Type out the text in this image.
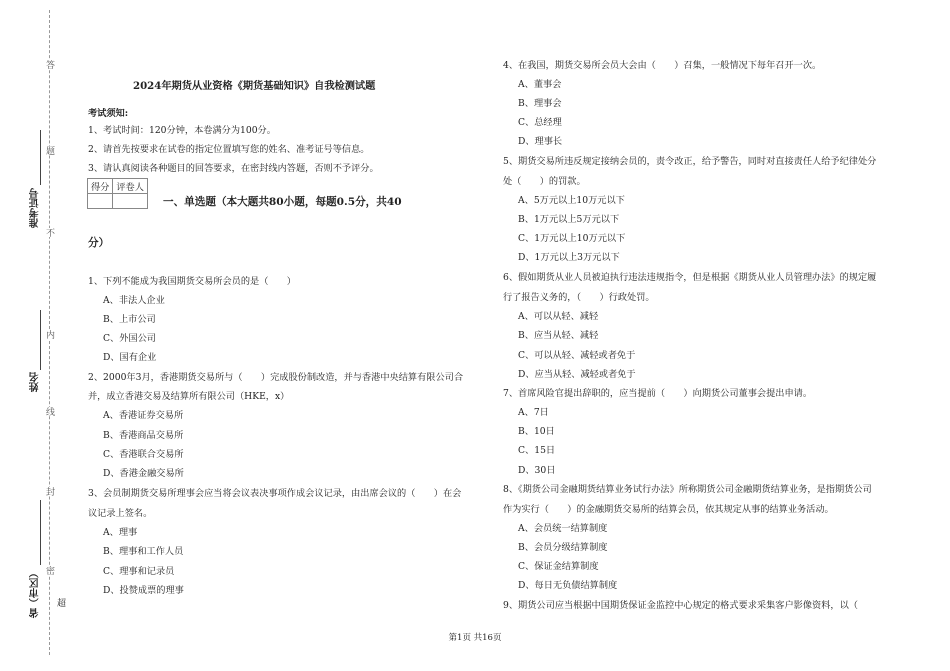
答
题
不
内
线
封
密
准考证号
姓名
省（市区） 超
2024年期货从业资格《期货基础知识》自我检测试题
考试须知:
1、考试时间：120分钟，本卷满分为100分。
2、请首先按要求在试卷的指定位置填写您的姓名、准考证号等信息。
3、请认真阅读各种题目的回答要求，在密封线内答题，否则不予评分。
得分	评卷人

一、单选题（本大题共80小题，每题0.5分，共40
分）
1、下列不能成为我国期货交易所会员的是（　　）
A、非法人企业
B、上市公司
C、外国公司
D、国有企业
2、2000年3月，香港期货交易所与（　　）完成股份制改造，并与香港中央结算有限公司合
并，成立香港交易及结算所有限公司（HKE，x）
A、香港证券交易所
B、香港商品交易所
C、香港联合交易所
D、香港金融交易所
3、会员制期货交易所理事会应当将会议表决事项作成会议记录，由出席会议的（　　）在会
议记录上签名。
A、理事
B、理事和工作人员
C、理事和记录员
D、投赞成票的理事
4、在我国，期货交易所会员大会由（　　）召集，一般情况下每年召开一次。
A、董事会
B、理事会
C、总经理
D、理事长
5、期货交易所违反规定接纳会员的，责令改正，给予警告，同时对直接责任人给予纪律处分
处（　　）的罚款。
A、5万元以上10万元以下
B、1万元以上5万元以下
C、1万元以上10万元以下
D、1万元以上3万元以下
6、假如期货从业人员被迫执行违法违规指令，但是根据《期货从业人员管理办法》的规定履
行了报告义务的，（　　）行政处罚。
A、可以从轻、减轻
B、应当从轻、减轻
C、可以从轻、减轻或者免于
D、应当从轻、减轻或者免于
7、首席风险官提出辞职的，应当提前（　　）向期货公司董事会提出申请。
A、7日
B、10日
C、15日
D、30日
8、《期货公司金融期货结算业务试行办法》所称期货公司金融期货结算业务，是指期货公司
作为实行（　　）的金融期货交易所的结算会员，依其规定从事的结算业务活动。
A、会员统一结算制度
B、会员分级结算制度
C、保证金结算制度
D、每日无负债结算制度
9、期货公司应当根据中国期货保证金监控中心规定的格式要求采集客户影像资料，以（
第1页 共16页
